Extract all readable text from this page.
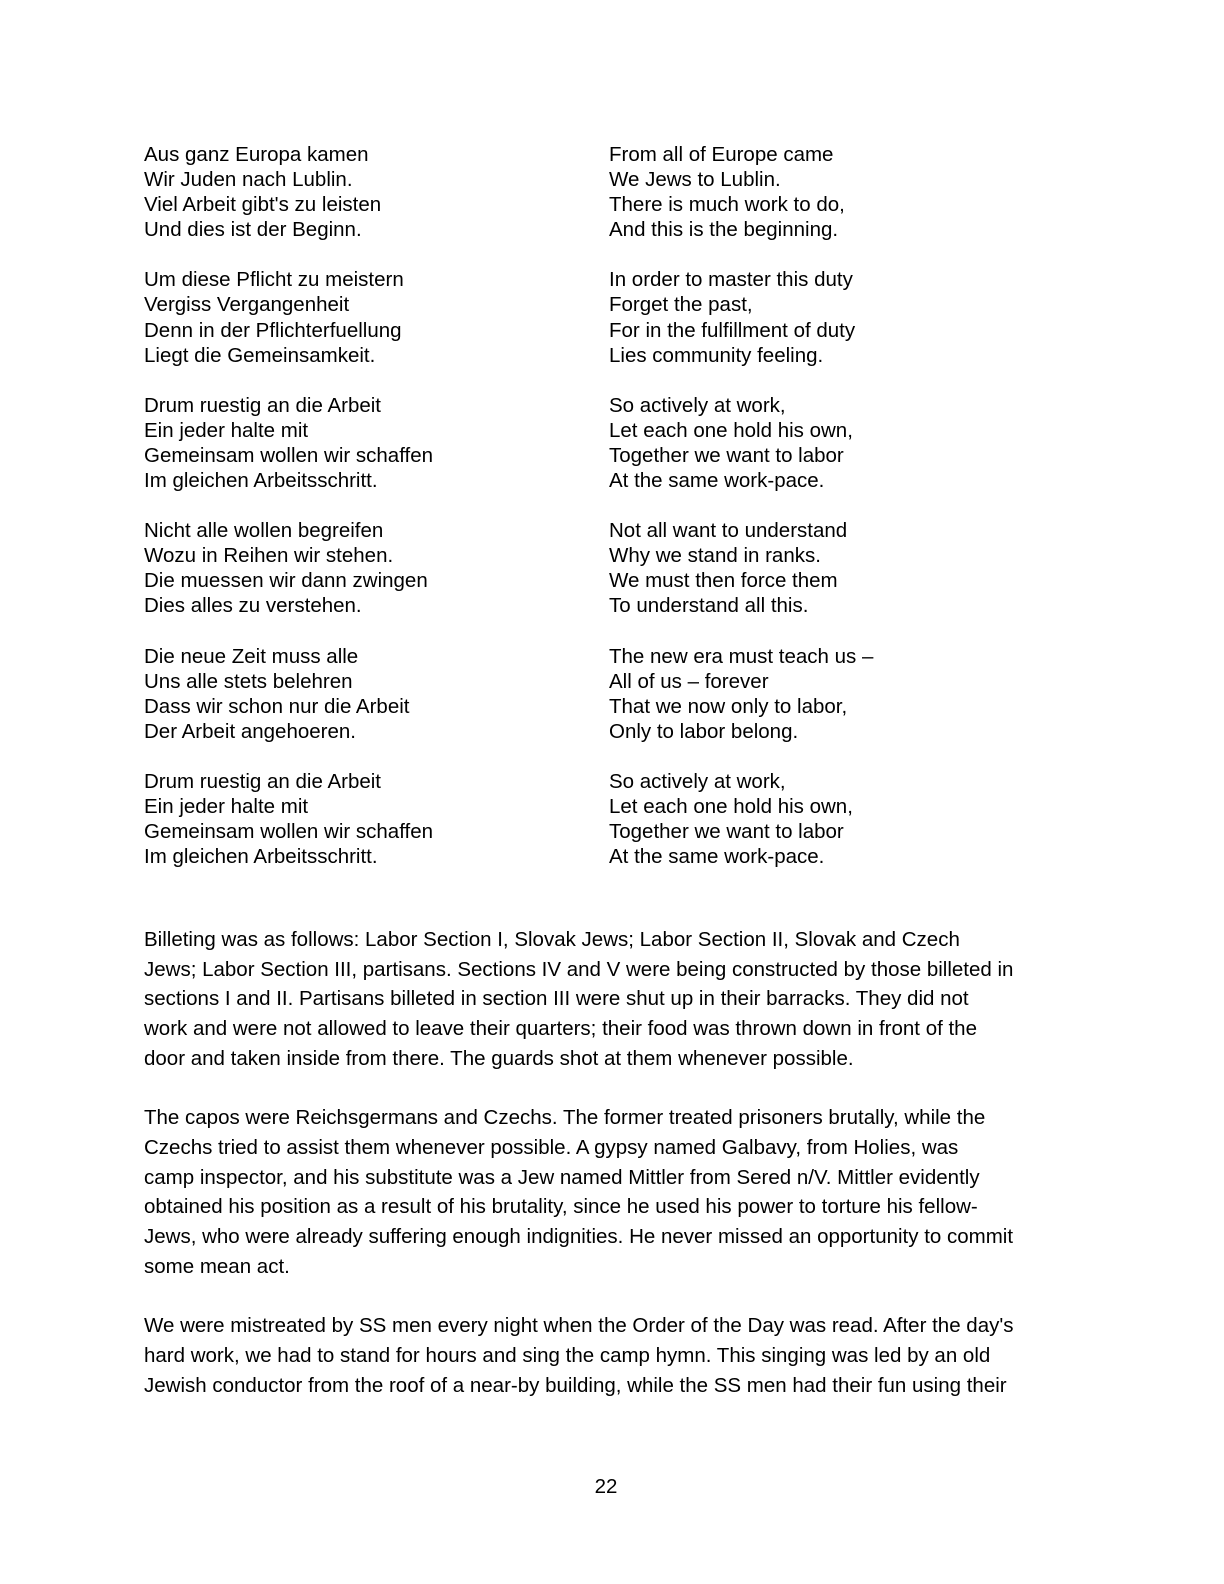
Aus ganz Europa kamen
Wir Juden nach Lublin.
Viel Arbeit gibt's zu leisten
Und dies ist der Beginn.
From all of Europe came
We Jews to Lublin.
There is much work to do,
And this is the beginning.
Um diese Pflicht zu meistern
Vergiss Vergangenheit
Denn in der Pflichterfuellung
Liegt die Gemeinsamkeit.
In order to master this duty
Forget the past,
For in the fulfillment of duty
Lies community feeling.
Drum ruestig an die Arbeit
Ein jeder halte mit
Gemeinsam wollen wir schaffen
Im gleichen Arbeitsschritt.
So actively at work,
Let each one hold his own,
Together we want to labor
At the same work-pace.
Nicht alle wollen begreifen
Wozu in Reihen wir stehen.
Die muessen wir dann zwingen
Dies alles zu verstehen.
Not all want to understand
Why we stand in ranks.
We must then force them
To understand all this.
Die neue Zeit muss alle
Uns alle stets belehren
Dass wir schon nur die Arbeit
Der Arbeit angehoeren.
The new era must teach us –
All of us – forever
That we now only to labor,
Only to labor belong.
Drum ruestig an die Arbeit
Ein jeder halte mit
Gemeinsam wollen wir schaffen
Im gleichen Arbeitsschritt.
So actively at work,
Let each one hold his own,
Together we want to labor
At the same work-pace.
Billeting was as follows: Labor Section I, Slovak Jews; Labor Section II, Slovak and Czech
Jews; Labor Section III, partisans. Sections IV and V were being constructed by those billeted in
sections I and II. Partisans billeted in section III were shut up in their barracks. They did not
work and were not allowed to leave their quarters; their food was thrown down in front of the
door and taken inside from there. The guards shot at them whenever possible.
The capos were Reichsgermans and Czechs. The former treated prisoners brutally, while the
Czechs tried to assist them whenever possible. A gypsy named Galbavy, from Holies, was
camp inspector, and his substitute was a Jew named Mittler from Sered n/V. Mittler evidently
obtained his position as a result of his brutality, since he used his power to torture his fellow-
Jews, who were already suffering enough indignities. He never missed an opportunity to commit
some mean act.
We were mistreated by SS men every night when the Order of the Day was read. After the day's
hard work, we had to stand for hours and sing the camp hymn. This singing was led by an old
Jewish conductor from the roof of a near-by building, while the SS men had their fun using their
22
